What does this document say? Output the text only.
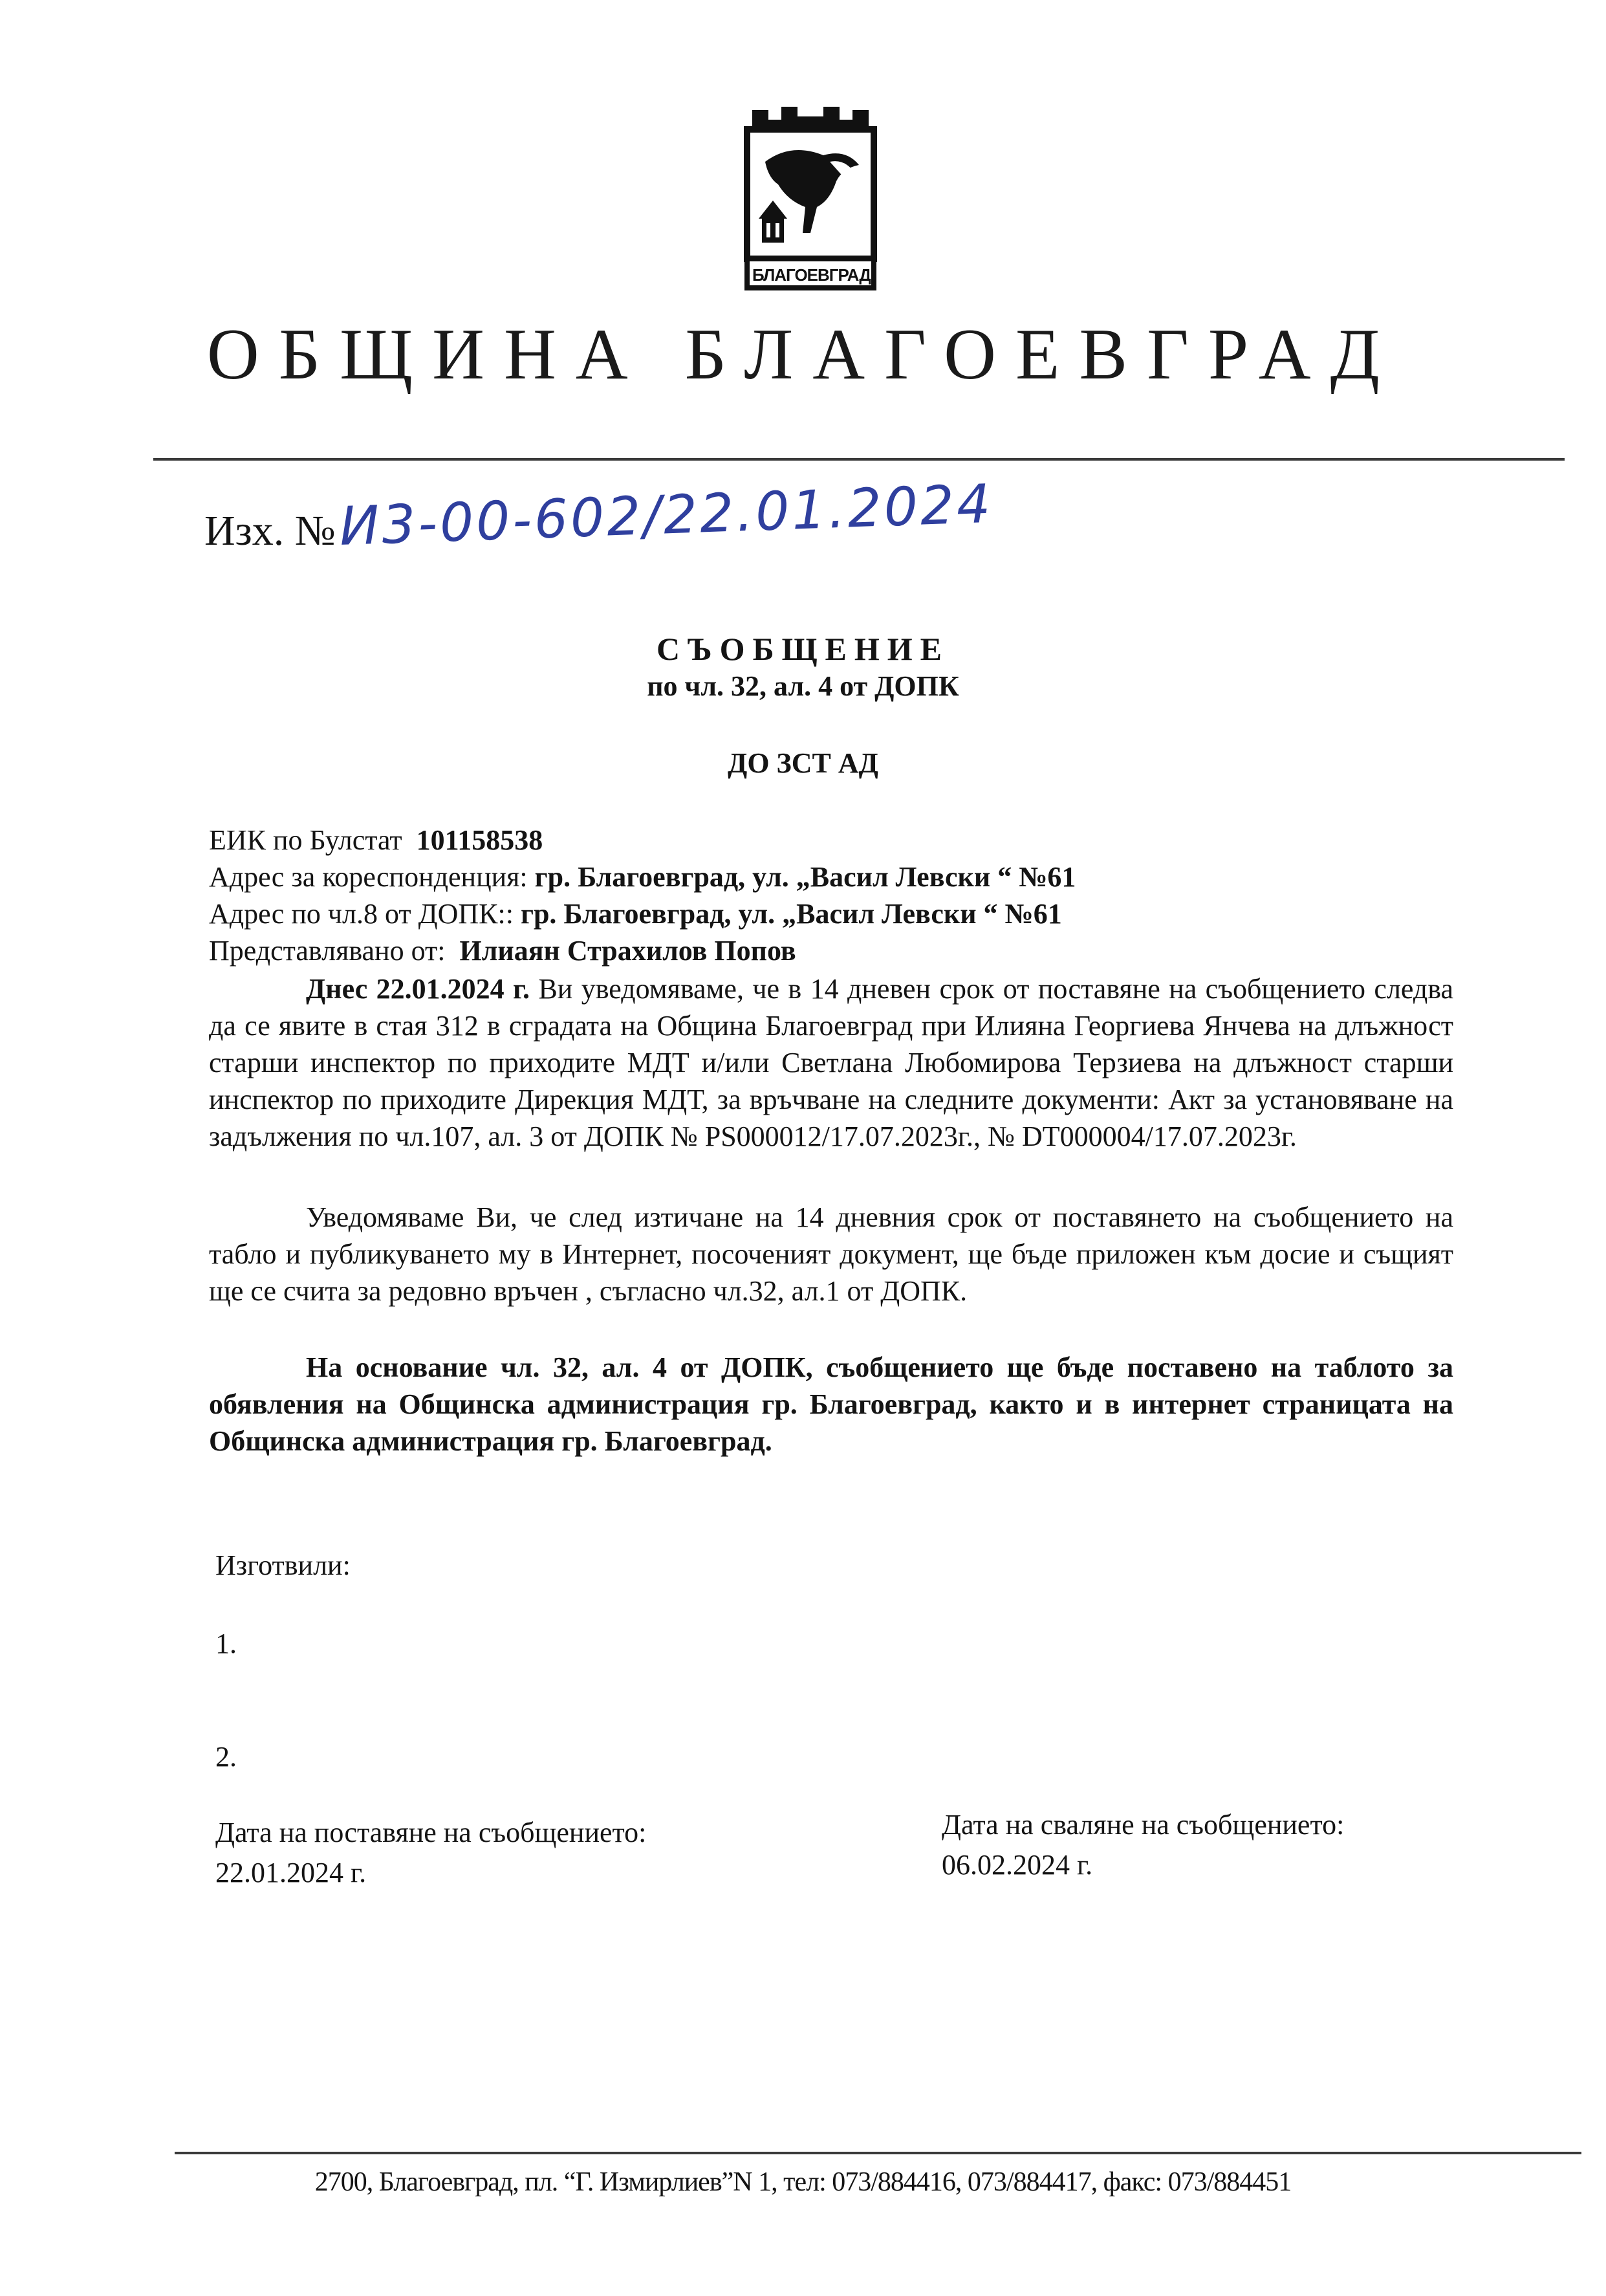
БЛАГОЕВГРАД
ОБЩИНА БЛАГОЕВГРАД
Изх. №И3-00-602/22.01.2024
СЪОБЩЕНИЕ
по чл. 32, ал. 4 от ДОПК
ДО ЗСТ АД
ЕИК по Булстат 101158538
Адрес за кореспонденция: гр. Благоевград, ул. „Васил Левски “ №61
Адрес по чл.8 от ДОПК:: гр. Благоевград, ул. „Васил Левски “ №61
Представлявано от: Илиаян Страхилов Попов

Днес 22.01.2024 г. Ви уведомяваме, че в 14 дневен срок от поставяне на съобщението следва да се явите в стая 312 в сградата на Община Благоевград при Илияна Георгиева Янчева на длъжност старши инспектор по приходите МДТ и/или Светлана Любомирова Терзиева на длъжност старши инспектор по приходите Дирекция МДТ, за връчване на следните документи: Акт за установяване на задължения по чл.107, ал. 3 от ДОПК № PS000012/17.07.2023г., № DT000004/17.07.2023г.

Уведомяваме Ви, че след изтичане на 14 дневния срок от поставянето на съобщението на табло и публикуването му в Интернет, посоченият документ, ще бъде приложен към досие и същият ще се счита за редовно връчен , съгласно чл.32, ал.1 от ДОПК.

На основание чл. 32, ал. 4 от ДОПК, съобщението ще бъде поставено на таблото за обявления на Общинска администрация гр. Благоевград, както и в интернет страницата на Общинска администрация гр. Благоевград.

Изготвили:
1.
2.
Дата на поставяне на съобщението:
22.01.2024 г.
Дата на сваляне на съобщението:
06.02.2024 г.
2700, Благоевград, пл. “Г. Измирлиев”N 1, тел: 073/884416, 073/884417, факс: 073/884451
